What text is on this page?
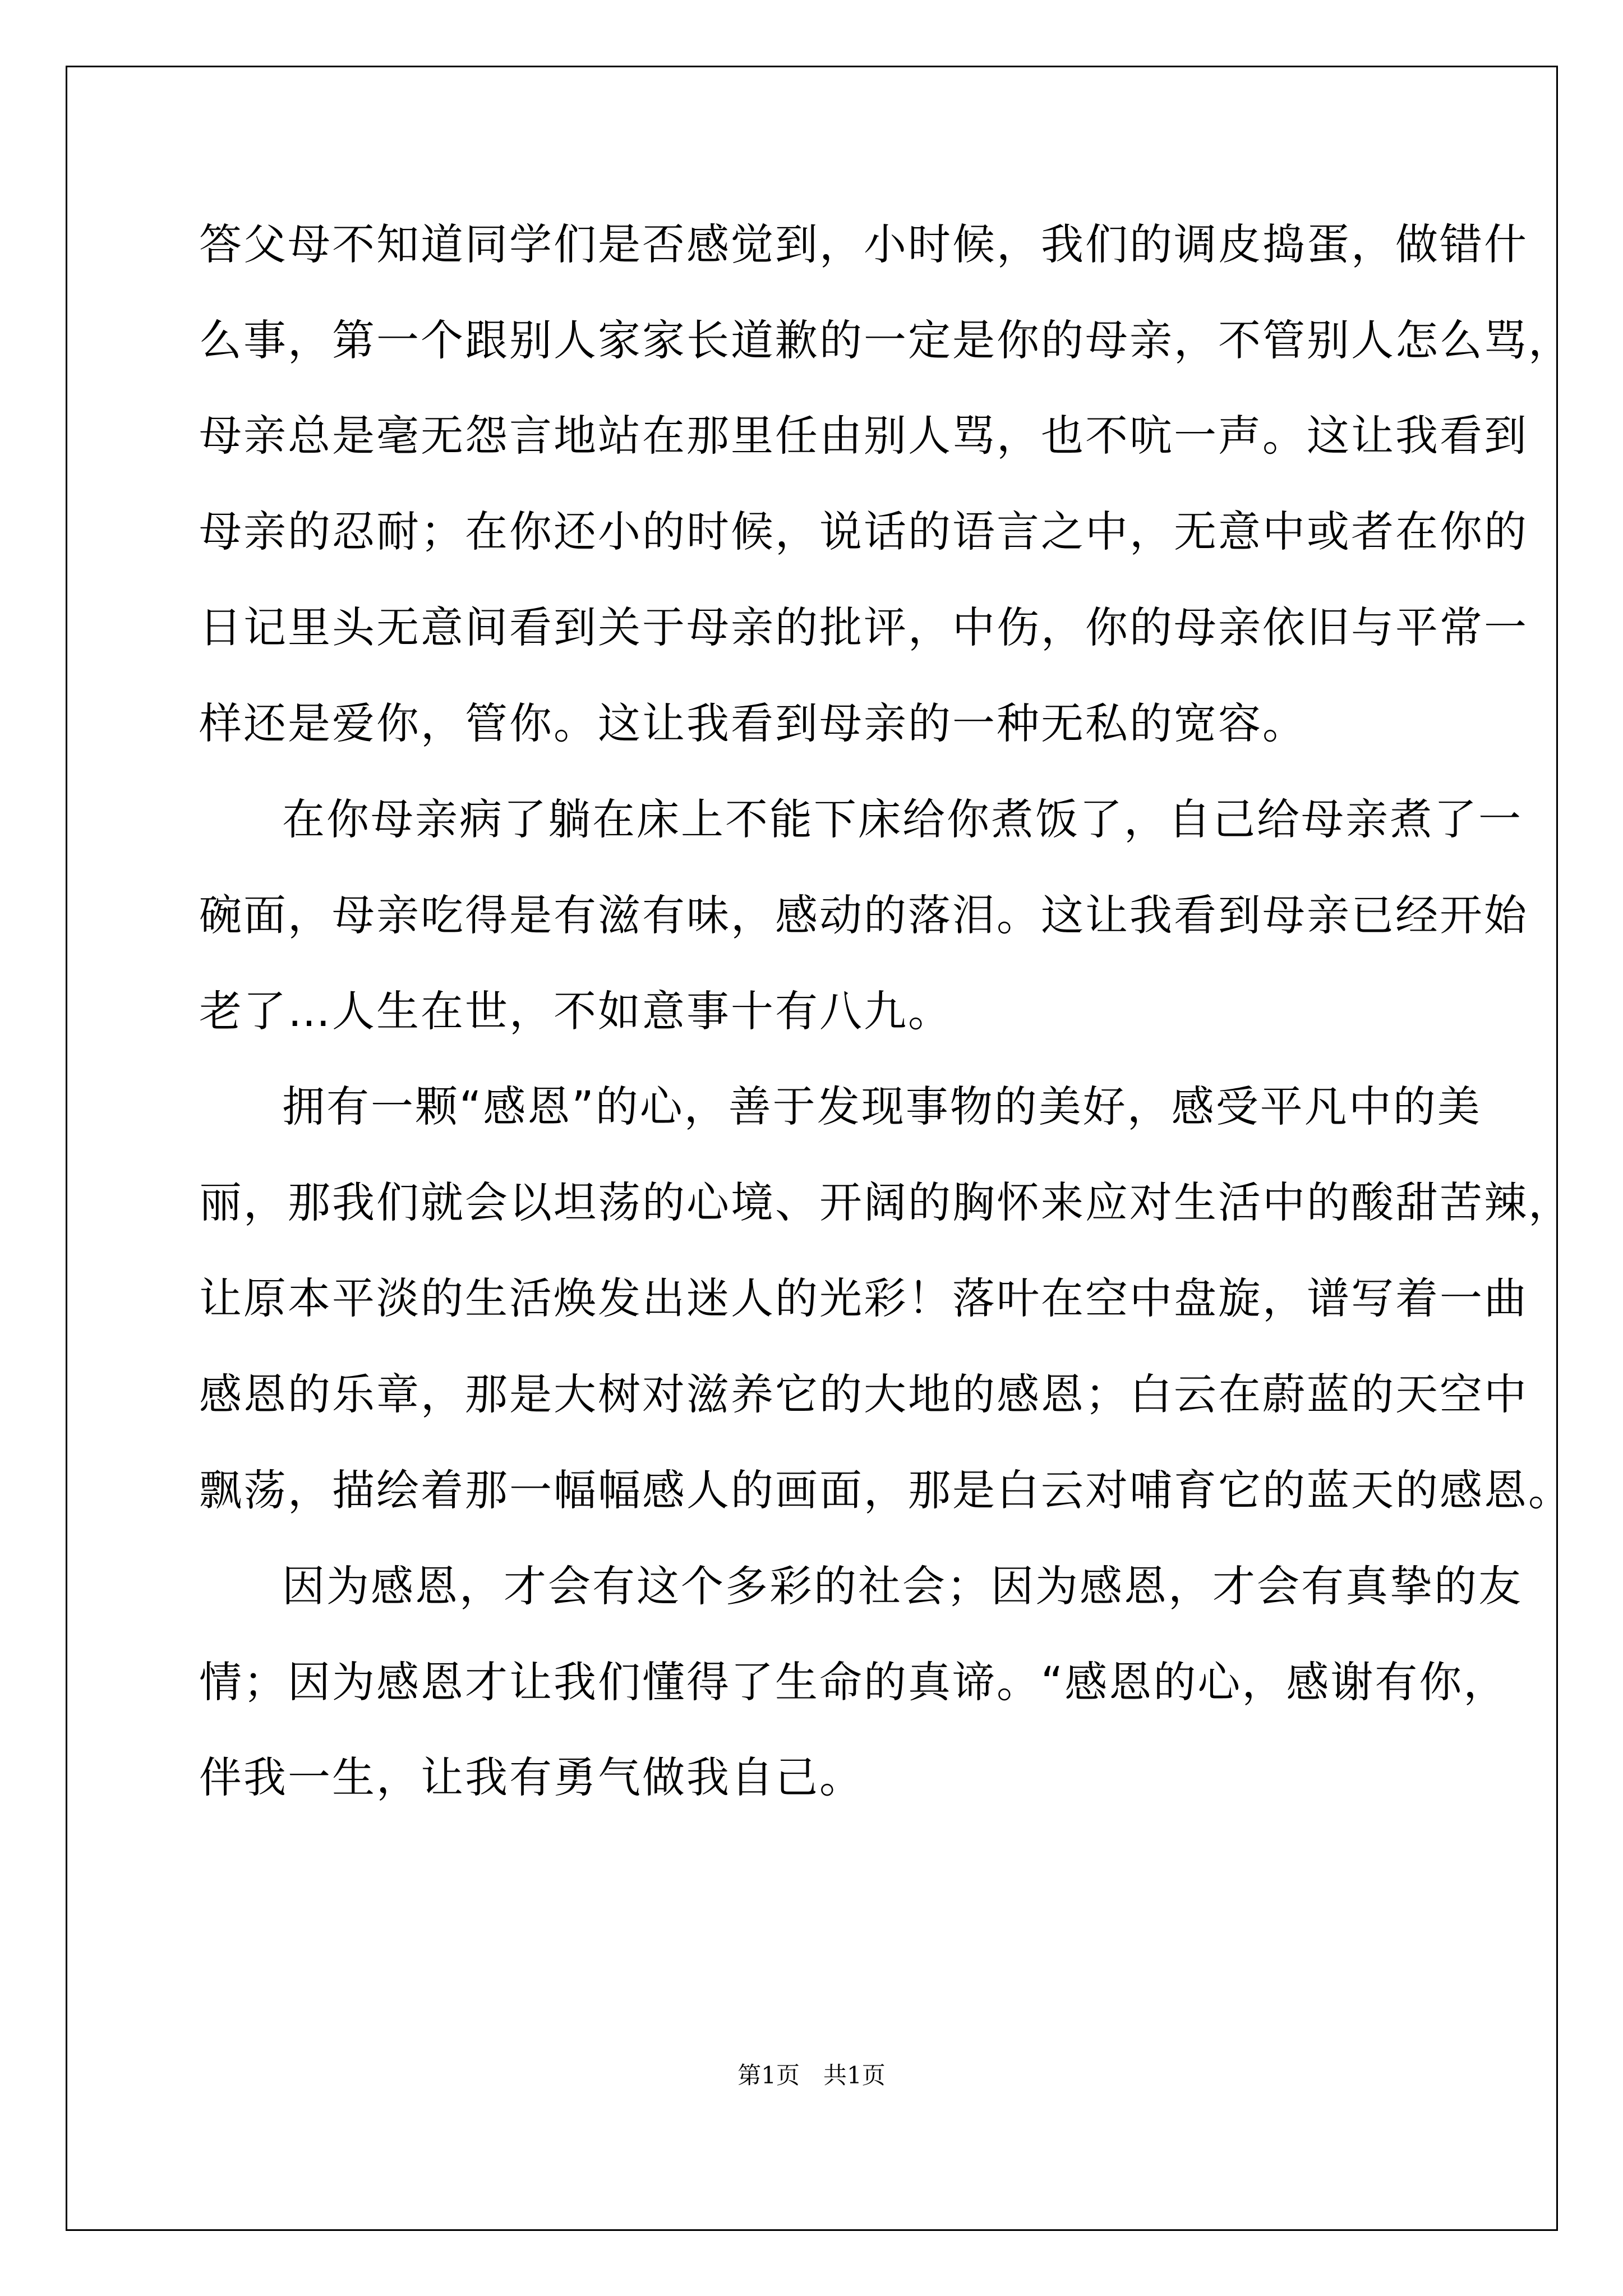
答父母不知道同学们是否感觉到，小时候，我们的调皮捣蛋，做错什
么事，第一个跟别人家家长道歉的一定是你的母亲，不管别人怎么骂，
母亲总是毫无怨言地站在那里任由别人骂，也不吭一声。这让我看到
母亲的忍耐；在你还小的时候，说话的语言之中，无意中或者在你的
日记里头无意间看到关于母亲的批评，中伤，你的母亲依旧与平常一
样还是爱你，管你。这让我看到母亲的一种无私的宽容。
在你母亲病了躺在床上不能下床给你煮饭了，自己给母亲煮了一
碗面，母亲吃得是有滋有味，感动的落泪。这让我看到母亲已经开始
老了…人生在世，不如意事十有八九。
拥有一颗“感恩”的心，善于发现事物的美好，感受平凡中的美
丽，那我们就会以坦荡的心境、开阔的胸怀来应对生活中的酸甜苦辣，
让原本平淡的生活焕发出迷人的光彩！落叶在空中盘旋，谱写着一曲
感恩的乐章，那是大树对滋养它的大地的感恩；白云在蔚蓝的天空中
飘荡，描绘着那一幅幅感人的画面，那是白云对哺育它的蓝天的感恩。
因为感恩，才会有这个多彩的社会；因为感恩，才会有真挚的友
情；因为感恩才让我们懂得了生命的真谛。“感恩的心，感谢有你，
伴我一生，让我有勇气做我自己。
第1页　共1页
